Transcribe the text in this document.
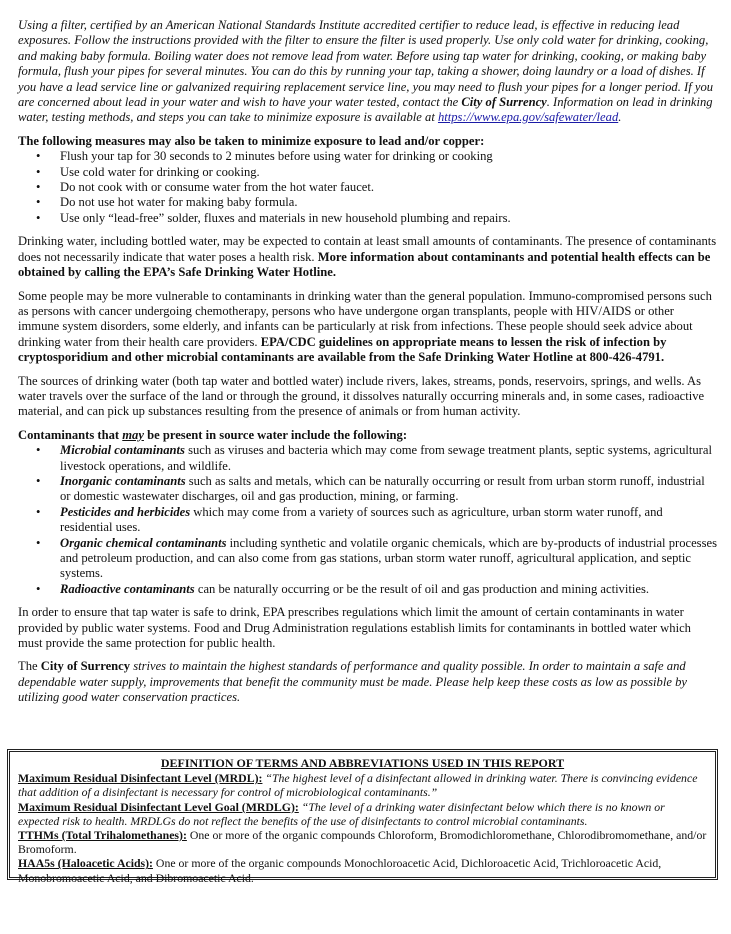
Using a filter, certified by an American National Standards Institute accredited certifier to reduce lead, is effective in reducing lead exposures. Follow the instructions provided with the filter to ensure the filter is used properly. Use only cold water for drinking, cooking, and making baby formula. Boiling water does not remove lead from water. Before using tap water for drinking, cooking, or making baby formula, flush your pipes for several minutes. You can do this by running your tap, taking a shower, doing laundry or a load of dishes. If you have a lead service line or galvanized requiring replacement service line, you may need to flush your pipes for a longer period. If you are concerned about lead in your water and wish to have your water tested, contact the City of Surrency. Information on lead in drinking water, testing methods, and steps you can take to minimize exposure is available at https://www.epa.gov/safewater/lead.

The following measures may also be taken to minimize exposure to lead and/or copper:

• Flush your tap for 30 seconds to 2 minutes before using water for drinking or cooking
• Use cold water for drinking or cooking.
• Do not cook with or consume water from the hot water faucet.
• Do not use hot water for making baby formula.
• Use only “lead-free” solder, fluxes and materials in new household plumbing and repairs.

Drinking water, including bottled water, may be expected to contain at least small amounts of contaminants. The presence of contaminants does not necessarily indicate that water poses a health risk. More information about contaminants and potential health effects can be obtained by calling the EPA’s Safe Drinking Water Hotline.

Some people may be more vulnerable to contaminants in drinking water than the general population. Immuno-compromised persons such as persons with cancer undergoing chemotherapy, persons who have undergone organ transplants, people with HIV/AIDS or other immune system disorders, some elderly, and infants can be particularly at risk from infections. These people should seek advice about drinking water from their health care providers. EPA/CDC guidelines on appropriate means to lessen the risk of infection by cryptosporidium and other microbial contaminants are available from the Safe Drinking Water Hotline at 800-426-4791.

The sources of drinking water (both tap water and bottled water) include rivers, lakes, streams, ponds, reservoirs, springs, and wells. As water travels over the surface of the land or through the ground, it dissolves naturally occurring minerals and, in some cases, radioactive material, and can pick up substances resulting from the presence of animals or from human activity.

Contaminants that may be present in source water include the following:

• Microbial contaminants such as viruses and bacteria which may come from sewage treatment plants, septic systems, agricultural livestock operations, and wildlife.
• Inorganic contaminants such as salts and metals, which can be naturally occurring or result from urban storm runoff, industrial or domestic wastewater discharges, oil and gas production, mining, or farming.
• Pesticides and herbicides which may come from a variety of sources such as agriculture, urban storm water runoff, and residential uses.
• Organic chemical contaminants including synthetic and volatile organic chemicals, which are by-products of industrial processes and petroleum production, and can also come from gas stations, urban storm water runoff, agricultural application, and septic systems.
• Radioactive contaminants can be naturally occurring or be the result of oil and gas production and mining activities.

In order to ensure that tap water is safe to drink, EPA prescribes regulations which limit the amount of certain contaminants in water provided by public water systems. Food and Drug Administration regulations establish limits for contaminants in bottled water which must provide the same protection for public health.

The City of Surrency strives to maintain the highest standards of performance and quality possible. In order to maintain a safe and dependable water supply, improvements that benefit the community must be made. Please help keep these costs as low as possible by utilizing good water conservation practices.

DEFINITION OF TERMS AND ABBREVIATIONS USED IN THIS REPORT

Maximum Residual Disinfectant Level (MRDL): “The highest level of a disinfectant allowed in drinking water. There is convincing evidence that addition of a disinfectant is necessary for control of microbiological contaminants.”

Maximum Residual Disinfectant Level Goal (MRDLG): “The level of a drinking water disinfectant below which there is no known or expected risk to health. MRDLGs do not reflect the benefits of the use of disinfectants to control microbial contaminants.

TTHMs (Total Trihalomethanes): One or more of the organic compounds Chloroform, Bromodichloromethane, Chlorodibromomethane, and/or Bromoform.

HAA5s (Haloacetic Acids): One or more of the organic compounds Monochloroacetic Acid, Dichloroacetic Acid, Trichloroacetic Acid, Monobromoacetic Acid, and Dibromoacetic Acid.
